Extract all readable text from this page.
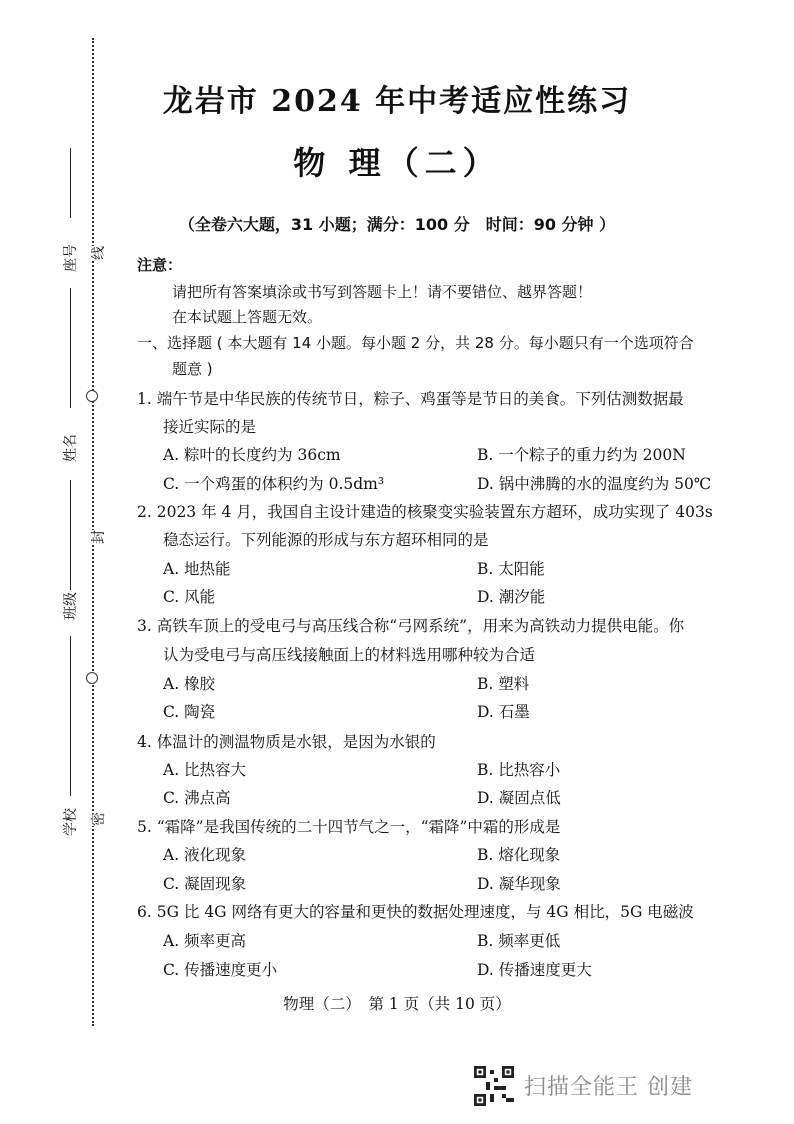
座号
姓名
班级
学校
线
封
密
龙岩市 2024 年中考适应性练习
物 理（二）
（全卷六大题，31 小题；满分：100 分　时间：90 分钟 ）
注意：
请把所有答案填涂或书写到答题卡上！请不要错位、越界答题！
在本试题上答题无效。
一、选择题 ( 本大题有 14 小题。每小题 2 分，共 28 分。每小题只有一个选项符合
题意 )
1. 端午节是中华民族的传统节日，粽子、鸡蛋等是节日的美食。下列估测数据最
接近实际的是
A. 粽叶的长度约为 36cm	B. 一个粽子的重力约为 200N
C. 一个鸡蛋的体积约为 0.5dm³	D. 锅中沸腾的水的温度约为 50℃
2. 2023 年 4 月，我国自主设计建造的核聚变实验装置东方超环，成功实现了 403s
稳态运行。下列能源的形成与东方超环相同的是
A. 地热能	B. 太阳能
C. 风能	D. 潮汐能
3. 高铁车顶上的受电弓与高压线合称“弓网系统”，用来为高铁动力提供电能。你
认为受电弓与高压线接触面上的材料选用哪种较为合适
A. 橡胶	B. 塑料
C. 陶瓷	D. 石墨
4. 体温计的测温物质是水银，是因为水银的
A. 比热容大	B. 比热容小
C. 沸点高	D. 凝固点低
5. “霜降”是我国传统的二十四节气之一，“霜降”中霜的形成是
A. 液化现象	B. 熔化现象
C. 凝固现象	D. 凝华现象
6. 5G 比 4G 网络有更大的容量和更快的数据处理速度，与 4G 相比，5G 电磁波
A. 频率更高	B. 频率更低
C. 传播速度更小	D. 传播速度更大
物理（二）　第 1 页（共 10 页）
扫描全能王 创建
